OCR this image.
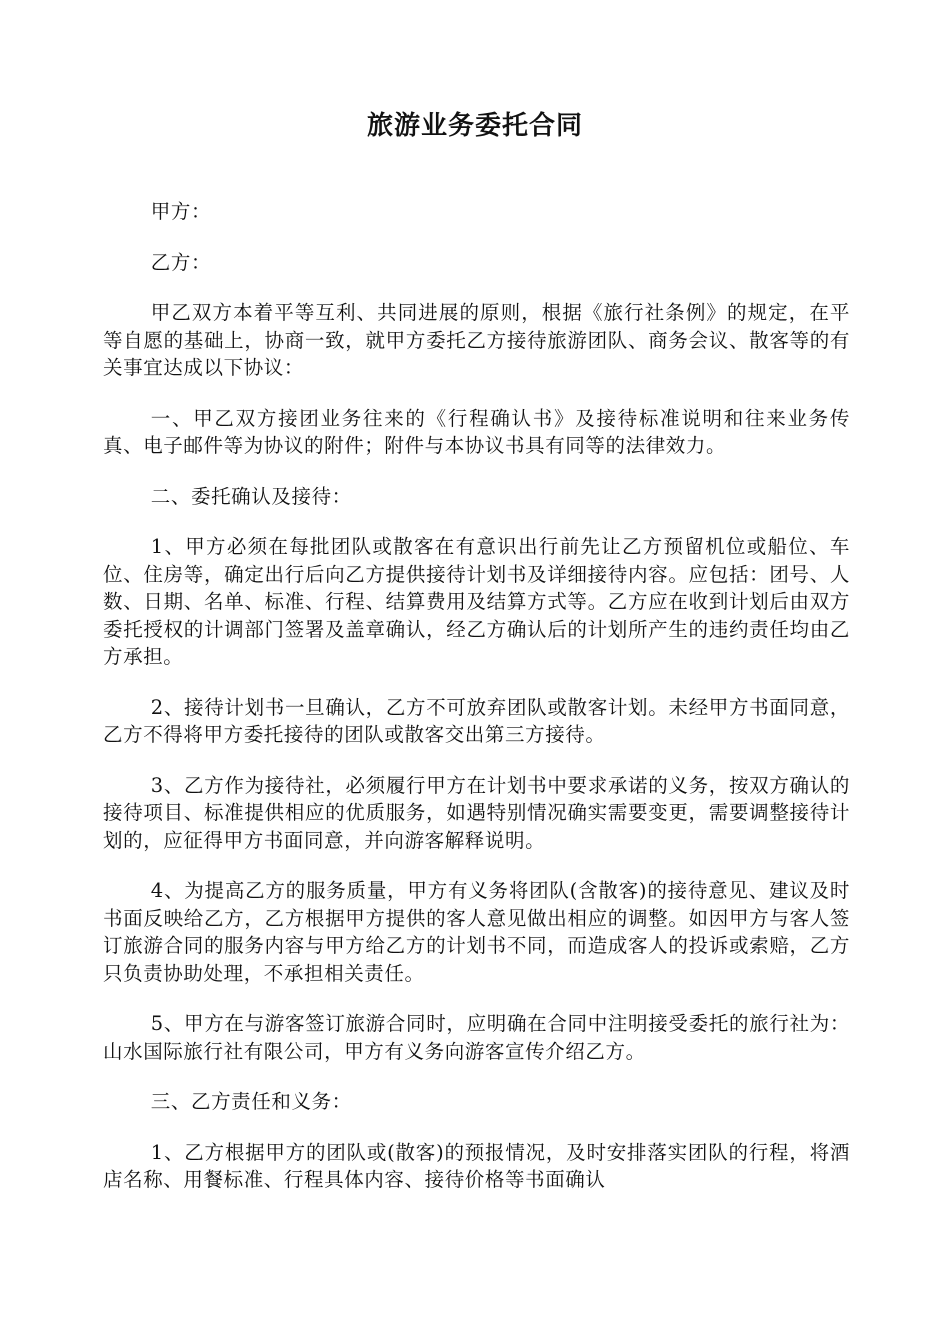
旅游业务委托合同

甲方：

乙方：

甲乙双方本着平等互利、共同进展的原则，根据《旅行社条例》的规定，在平等自愿的基础上，协商一致，就甲方委托乙方接待旅游团队、商务会议、散客等的有关事宜达成以下协议：

一、甲乙双方接团业务往来的《行程确认书》及接待标准说明和往来业务传真、电子邮件等为协议的附件；附件与本协议书具有同等的法律效力。

二、委托确认及接待：

1、甲方必须在每批团队或散客在有意识出行前先让乙方预留机位或船位、车位、住房等，确定出行后向乙方提供接待计划书及详细接待内容。应包括：团号、人数、日期、名单、标准、行程、结算费用及结算方式等。乙方应在收到计划后由双方委托授权的计调部门签署及盖章确认，经乙方确认后的计划所产生的违约责任均由乙方承担。

2、接待计划书一旦确认，乙方不可放弃团队或散客计划。未经甲方书面同意，乙方不得将甲方委托接待的团队或散客交出第三方接待。

3、乙方作为接待社，必须履行甲方在计划书中要求承诺的义务，按双方确认的接待项目、标准提供相应的优质服务，如遇特别情况确实需要变更，需要调整接待计划的，应征得甲方书面同意，并向游客解释说明。

4、为提高乙方的服务质量，甲方有义务将团队(含散客)的接待意见、建议及时书面反映给乙方，乙方根据甲方提供的客人意见做出相应的调整。如因甲方与客人签订旅游合同的服务内容与甲方给乙方的计划书不同，而造成客人的投诉或索赔，乙方只负责协助处理，不承担相关责任。

5、甲方在与游客签订旅游合同时，应明确在合同中注明接受委托的旅行社为：山水国际旅行社有限公司，甲方有义务向游客宣传介绍乙方。

三、乙方责任和义务：

1、乙方根据甲方的团队或(散客)的预报情况，及时安排落实团队的行程，将酒店名称、用餐标准、行程具体内容、接待价格等书面确认
